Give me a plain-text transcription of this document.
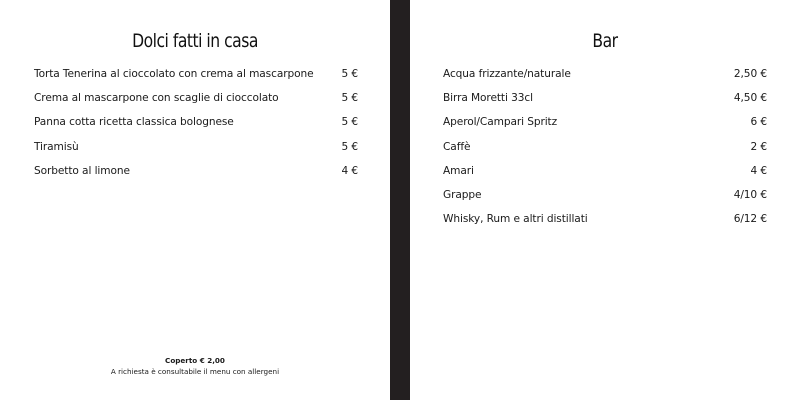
Dolci fatti in casa
Torta Tenerina al cioccolato con crema al mascarpone	5 €
Crema al mascarpone con scaglie di cioccolato	5 €
Panna cotta ricetta classica bolognese	5 €
Tiramisù	5 €
Sorbetto al limone	4 €
Coperto € 2,00
A richiesta è consultabile il menu con allergeni
Bar
Acqua frizzante/naturale	2,50 €
Birra Moretti 33cl	4,50 €
Aperol/Campari Spritz	6 €
Caffè	2 €
Amari	4 €
Grappe	4/10 €
Whisky, Rum e altri distillati	6/12 €
